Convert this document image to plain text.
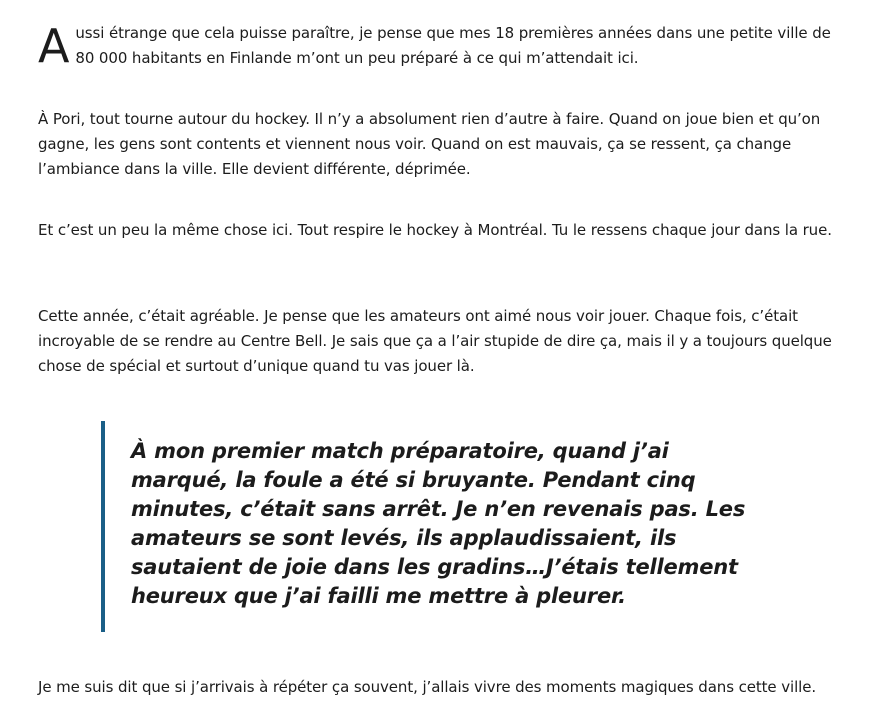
Aussi étrange que cela puisse paraître, je pense que mes 18 premières années dans une petite ville de 80 000 habitants en Finlande m’ont un peu préparé à ce qui m’attendait ici.

À Pori, tout tourne autour du hockey. Il n’y a absolument rien d’autre à faire. Quand on joue bien et qu’on gagne, les gens sont contents et viennent nous voir. Quand on est mauvais, ça se ressent, ça change l’ambiance dans la ville. Elle devient différente, déprimée.

Et c’est un peu la même chose ici. Tout respire le hockey à Montréal. Tu le ressens chaque jour dans la rue.

Cette année, c’était agréable. Je pense que les amateurs ont aimé nous voir jouer. Chaque fois, c’était incroyable de se rendre au Centre Bell. Je sais que ça a l’air stupide de dire ça, mais il y a toujours quelque chose de spécial et surtout d’unique quand tu vas jouer là.

Je me suis dit que si j’arrivais à répéter ça souvent, j’allais vivre des moments magiques dans cette ville.

À mon premier match préparatoire, quand j’ai marqué, la foule a été si bruyante. Pendant cinq minutes, c’était sans arrêt. Je n’en revenais pas. Les amateurs se sont levés, ils applaudissaient, ils sautaient de joie dans les gradins…J’étais tellement heureux que j’ai failli me mettre à pleurer.
